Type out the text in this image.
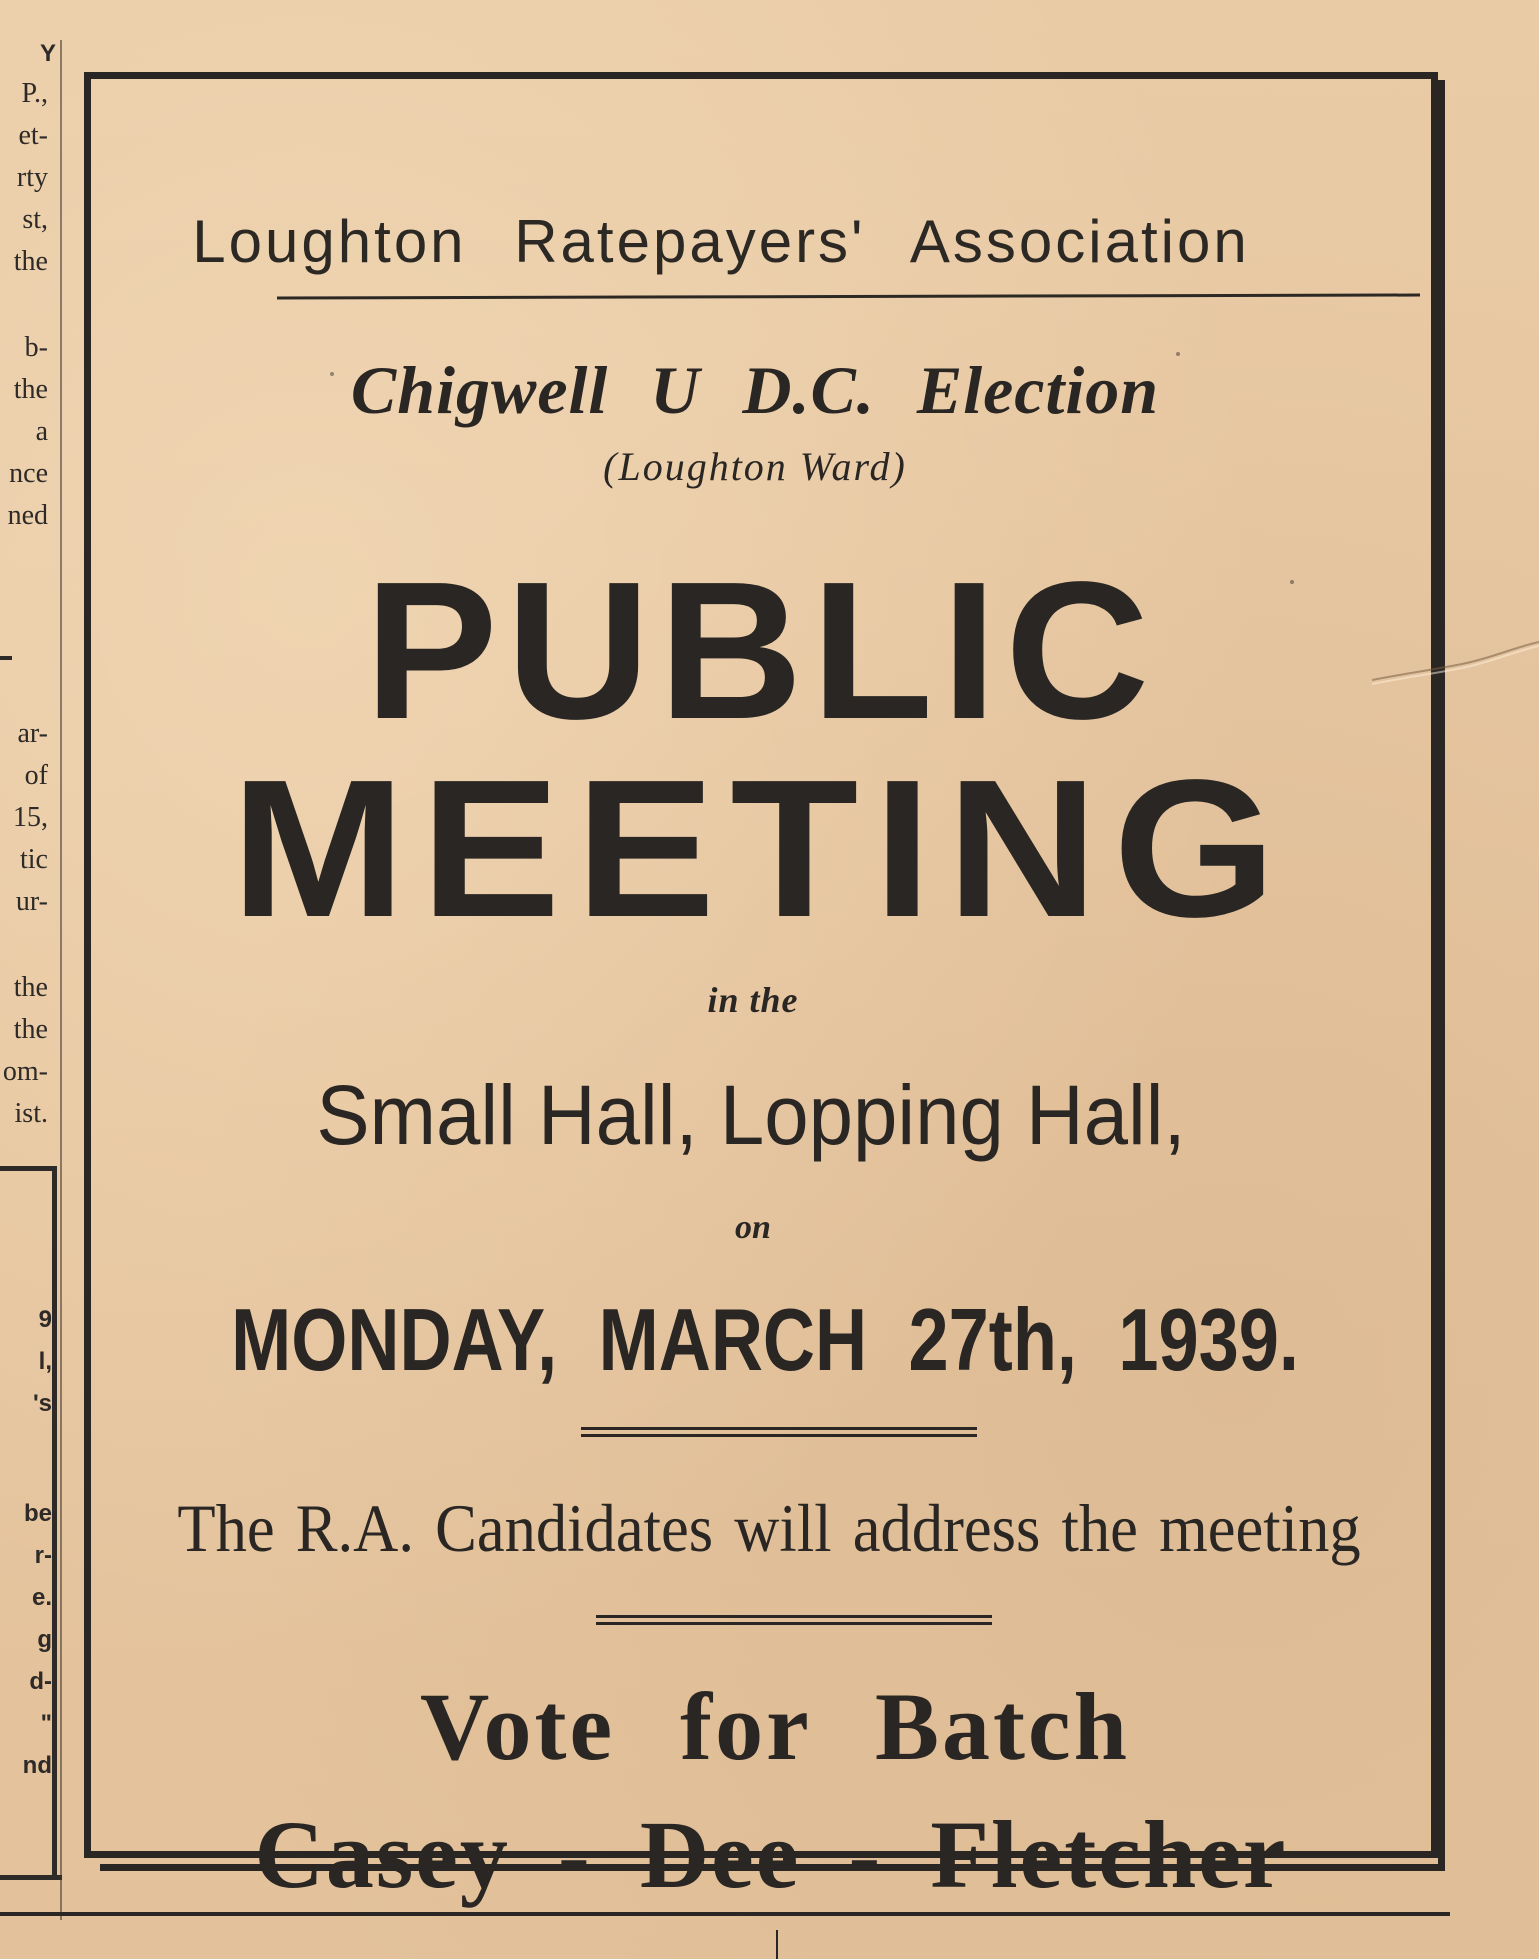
Y
P.,
et-
rty
st,
the
b-
the
a
nce
ned
ar-
of
15,
tic
ur-
the
the
om-
ist.
9
l,
's
be
r-
e.
g
d-
"
nd
Loughton Ratepayers' Association
Chigwell U D.C. Election
(Loughton Ward)
PUBLIC
MEETING
in the
Small Hall, Lopping Hall,
on
MONDAY, MARCH 27th, 1939.
The R.A. Candidates will address the meeting
Vote for Batch
Casey - Dee - Fletcher
